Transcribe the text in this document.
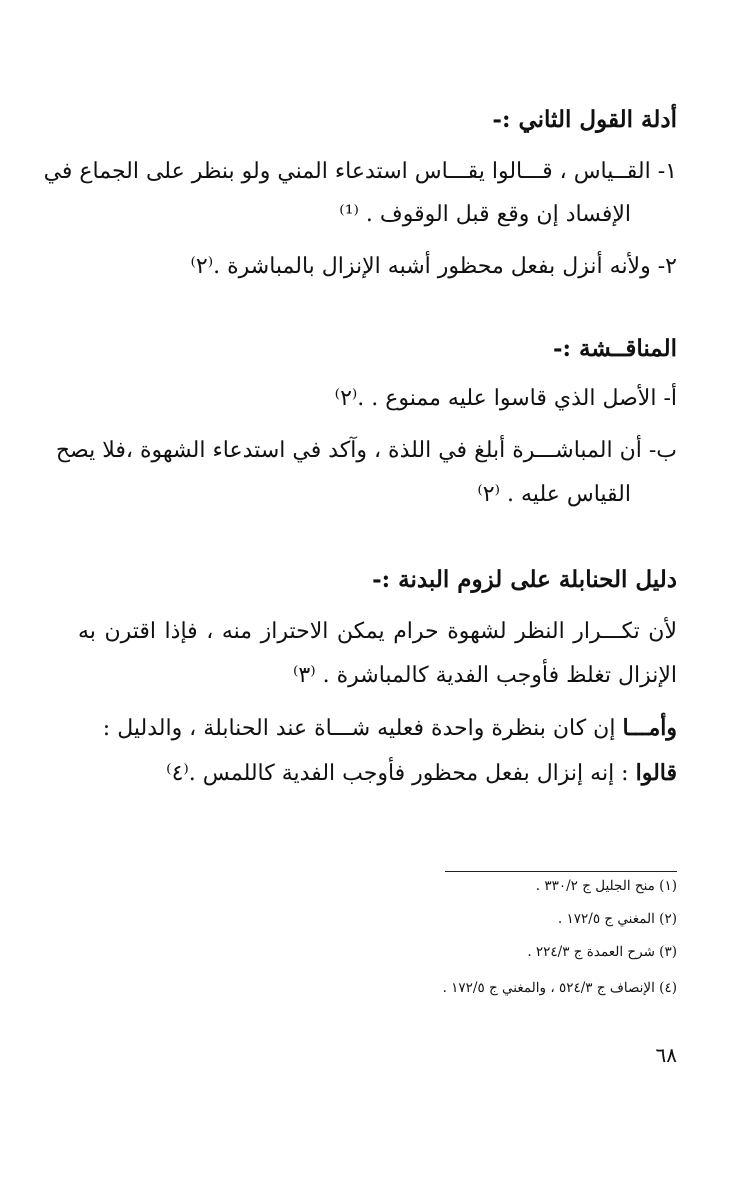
أدلة القول الثاني :-
١- القــياس ، قـــالوا يقـــاس استدعاء المني ولو بنظر على الجماع في
الإفساد إن وقع قبل الوقوف . ⁽¹⁾
٢- ولأنه أنزل بفعل محظور أشبه الإنزال بالمباشرة .⁽٢⁾
المناقــشة :-
أ- الأصل الذي قاسوا عليه ممنوع . .⁽٢⁾
ب- أن المباشـــرة أبلغ في اللذة ، وآكد في استدعاء الشهوة ،فلا يصح
القياس عليه . ⁽٢⁾
دليل الحنابلة على لزوم البدنة :-
لأن تكـــرار النظر لشهوة حرام يمكن الاحتراز منه ، فإذا اقترن به
الإنزال تغلظ فأوجب الفدية كالمباشرة . ⁽٣⁾
وأمـــا إن كان بنظرة واحدة فعليه شـــاة عند الحنابلة ، والدليل :
قالوا : إنه إنزال بفعل محظور فأوجب الفدية كاللمس .⁽٤⁾
(١) منح الجليل ج ٣٣٠/٢ .
(٢) المغني ج ١٧٢/٥ .
(٣) شرح العمدة ج ٢٢٤/٣ .
(٤) الإنصاف ج ٥٢٤/٣ ، والمغني ج ١٧٢/٥ .
٦٨
